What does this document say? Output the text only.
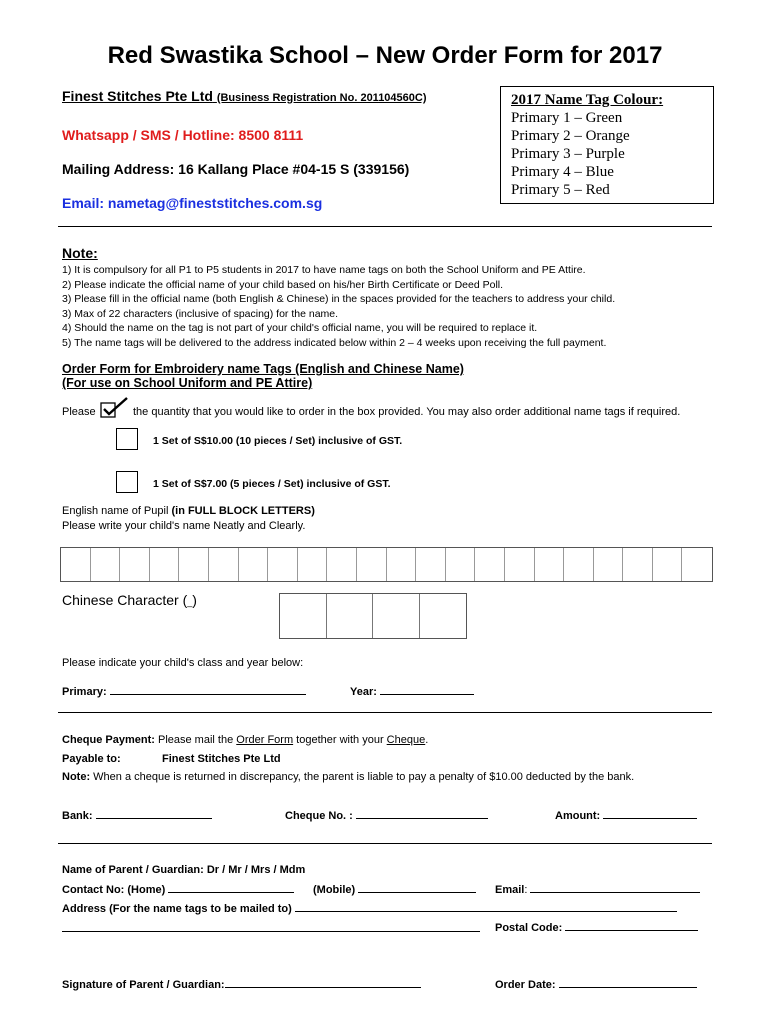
Red Swastika School – New Order Form for 2017
Finest Stitches Pte Ltd (Business Registration No. 201104560C)
Whatsapp / SMS / Hotline: 8500 8111
Mailing Address: 16 Kallang Place #04-15 S (339156)
Email: nametag@fineststitches.com.sg
2017 Name Tag Colour:
Primary 1 – Green
Primary 2 – Orange
Primary 3 – Purple
Primary 4 – Blue
Primary 5 – Red
Note:
1) It is compulsory for all P1 to P5 students in 2017 to have name tags on both the School Uniform and PE Attire.
2) Please indicate the official name of your child based on his/her Birth Certificate or Deed Poll.
3) Please fill in the official name (both English & Chinese) in the spaces provided for the teachers to address your child.
3) Max of 22 characters (inclusive of spacing) for the name.
4) Should the name on the tag is not part of your child's official name, you will be required to replace it.
5) The name tags will be delivered to the address indicated below within 2 – 4 weeks upon receiving the full payment.
Order Form for Embroidery name Tags (English and Chinese Name)
(For use on School Uniform and PE Attire)
Please	the quantity that you would like to order in the box provided. You may also order additional name tags if required.
1 Set of S$10.00 (10 pieces / Set) inclusive of GST.
1 Set of S$7.00 (5 pieces / Set) inclusive of GST.
English name of Pupil (in FULL BLOCK LETTERS)
Please write your child's name Neatly and Clearly.
Chinese Character (_)
Please indicate your child's class and year below:
Primary:	Year:
Cheque Payment: Please mail the Order Form together with your Cheque.
Payable to:	Finest Stitches Pte Ltd
Note: When a cheque is returned in discrepancy, the parent is liable to pay a penalty of $10.00 deducted by the bank.
Bank:	Cheque No. :	Amount:
Name of Parent / Guardian: Dr / Mr / Mrs / Mdm
Contact No: (Home)	(Mobile)	Email:
Address (For the name tags to be mailed to)
Postal Code:
Signature of Parent / Guardian:	Order Date:
